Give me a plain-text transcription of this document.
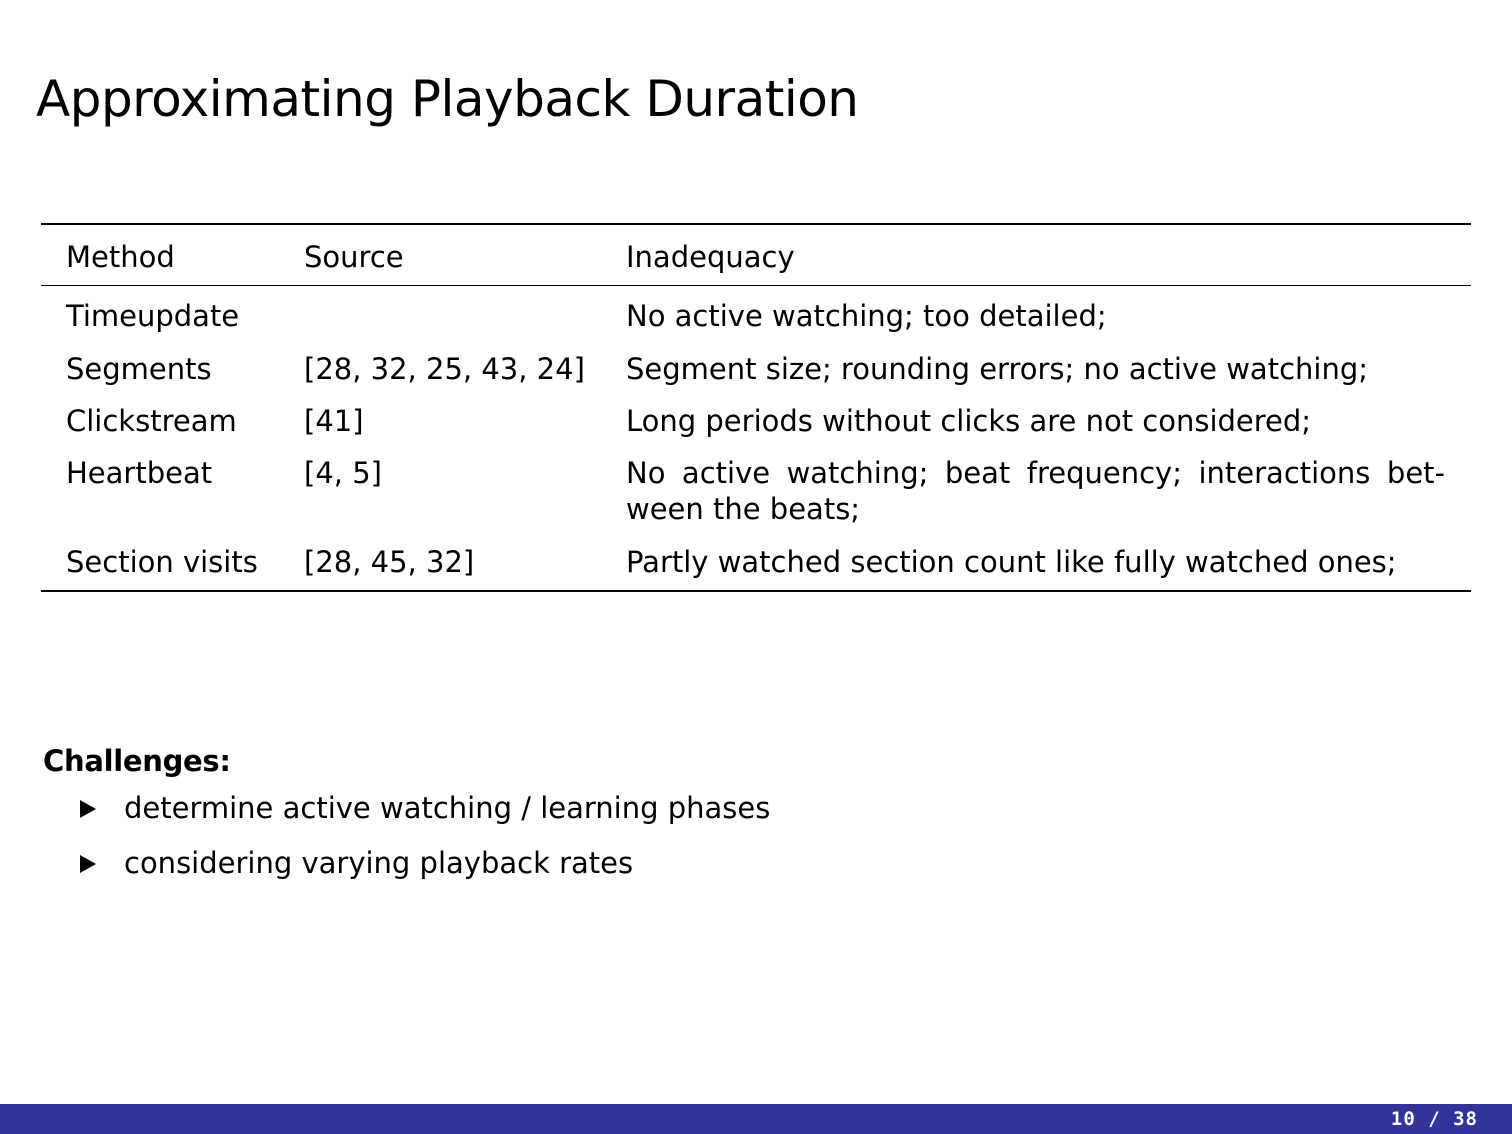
Approximating Playback Duration
Method	Source	Inadequacy
Timeupdate		No active watching; too detailed;
Segments	[28, 32, 25, 43, 24]	Segment size; rounding errors; no active watching;
Clickstream	[41]	Long periods without clicks are not considered;
Heartbeat	[4, 5]	No active watching; beat frequency; interactions bet-ween the beats;
Section visits	[28, 45, 32]	Partly watched section count like fully watched ones;
Challenges:
determine active watching / learning phases
considering varying playback rates
10 / 38
